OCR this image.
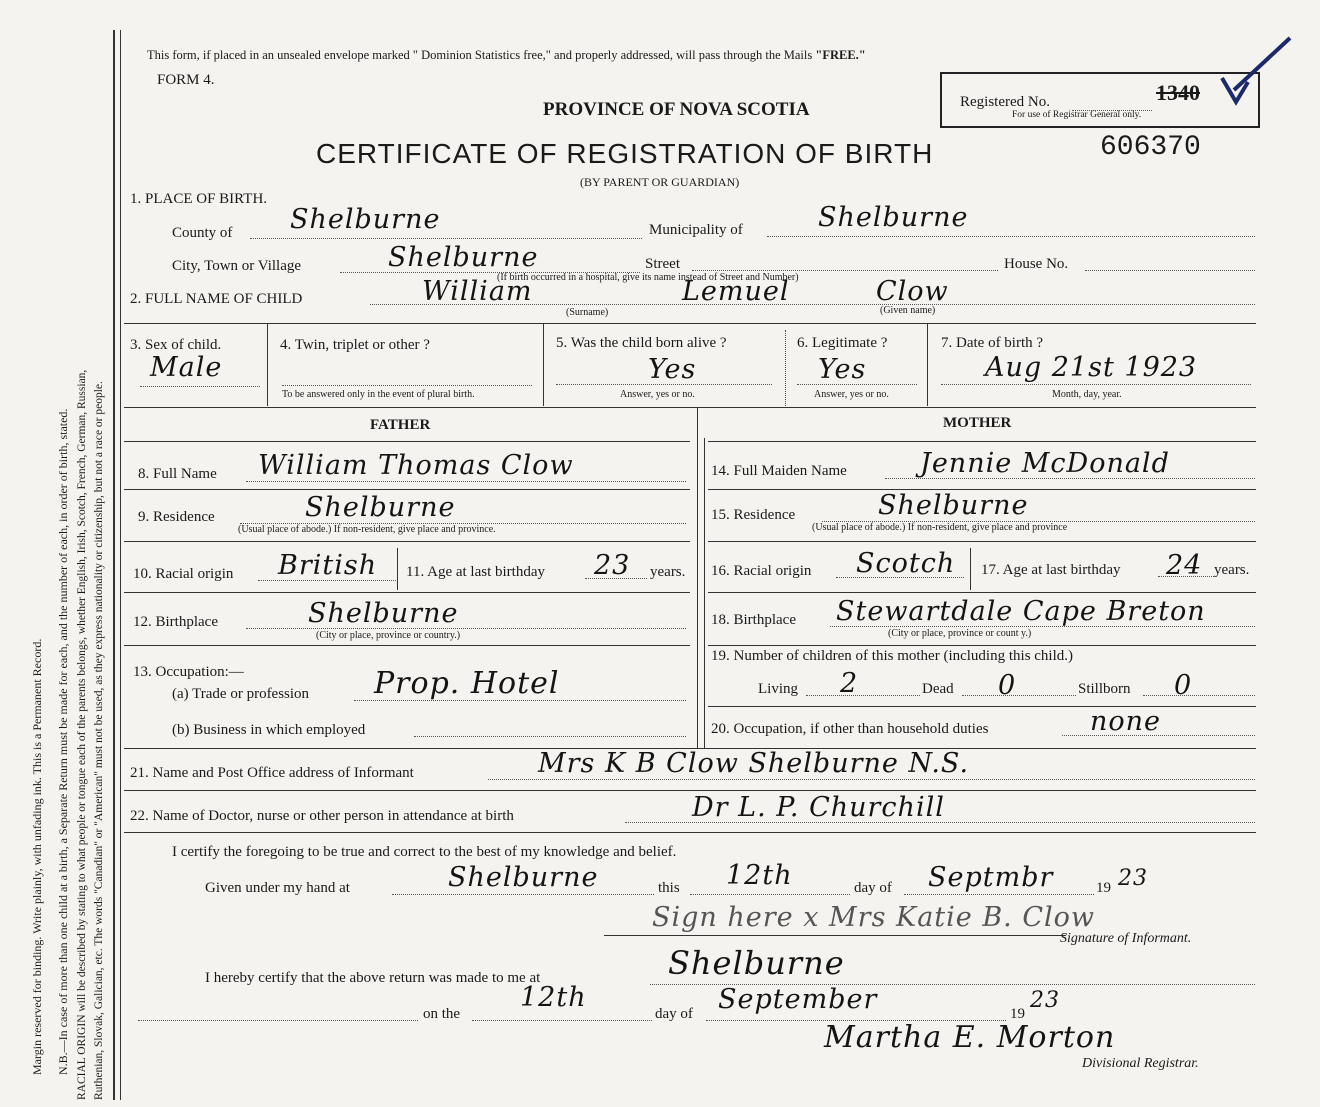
Margin reserved for binding. Write plainly, with unfading ink. This is a Permanent Record. N.B.—In case of more than one child at a birth, a Separate Return must be made for each, and the number of each, in order of birth, stated. RACIAL ORIGIN will be described by stating to what people or tongue each of the parents belongs, whether English, Irish, Scotch, French, German, Russian, Ruthenian, Slovak, Galician, etc. The words "Canadian" or "American" must not be used, as they express nationality or citizenship, but not a race or people.
This form, if placed in an unsealed envelope marked " Dominion Statistics free," and properly addressed, will pass through the Mails "FREE."
FORM 4.
PROVINCE OF NOVA SCOTIA	Registered No.	1340
For use of Registrar General only.
CERTIFICATE OF REGISTRATION OF BIRTH	606370
(BY PARENT OR GUARDIAN)
1. PLACE OF BIRTH.
County of Shelburne	Municipality of	Shelburne
City, Town or Village	Shelburne	Street
(If birth occurred in a hospital, give its name instead of Street and Number)
House No.
2. FULL NAME OF CHILD	William	Lemuel	Clow
(Surname)	(Given name)
3. Sex of child.
Male
4. Twin, triplet or other ?
To be answered only in the event of plural birth.
5. Was the child born alive ?
Yes
Answer, yes or no.
6. Legitimate ?
Yes
Answer, yes or no.
7. Date of birth ?
Aug 21st 1923
Month, day, year.
FATHER	MOTHER
8. Full Name William Thomas Clow
9. Residence	Shelburne
(Usual place of abode.) If non-resident, give place and province.
10. Racial origin British 11. Age at last birthday 23 years.
12. Birthplace	Shelburne
(City or place, province or country.)
13. Occupation:—
(a) Trade or profession Prop. Hotel
(b) Business in which employed
14. Full Maiden Name	Jennie McDonald
15. Residence	Shelburne
(Usual place of abode.) If non-resident, give place and province
16. Racial origin Scotch 17. Age at last birthday 24 years.
18. Birthplace Stewartdale Cape Breton
(City or place, province or count y.)
19. Number of children of this mother (including this child.)
Living 2	Dead 0	Stillborn 0
20. Occupation, if other than household duties	none
21. Name and Post Office address of Informant	Mrs K B Clow Shelburne N.S.
22. Name of Doctor, nurse or other person in attendance at birth	Dr L. P. Churchill
I certify the foregoing to be true and correct to the best of my knowledge and belief.
Given under my hand at	Shelburne	this 12th	day of Septmbr	19 23
Sign here x Mrs Katie B. Clow
Signature of Informant.
I hereby certify that the above return was made to me at	Shelburne
on the
12th
day of September	19
23
Martha E. Morton
Divisional Registrar.
